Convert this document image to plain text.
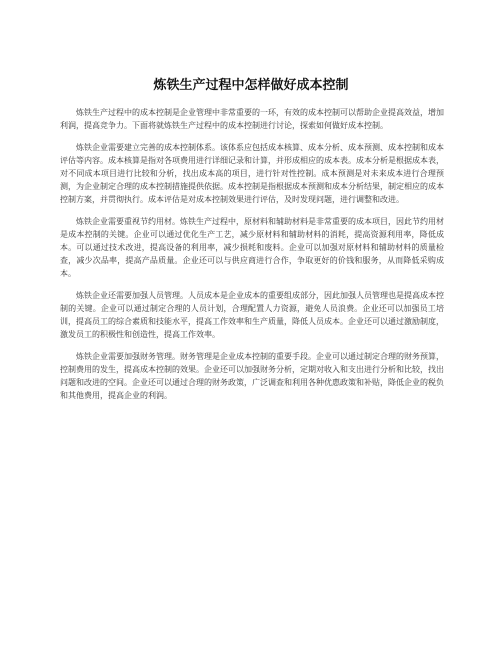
炼铁生产过程中怎样做好成本控制

炼铁生产过程中的成本控制是企业管理中非常重要的一环，有效的成本控制可以帮助企业提高效益，增加利润，提高竞争力。下面将就炼铁生产过程中的成本控制进行讨论，探索如何做好成本控制。

炼铁企业需要建立完善的成本控制体系。该体系应包括成本核算、成本分析、成本预测、成本控制和成本评估等内容。成本核算是指对各项费用进行详细记录和计算，并形成相应的成本表。成本分析是根据成本表，对不同成本项目进行比较和分析，找出成本高的项目，进行针对性控制。成本预测是对未来成本进行合理预测，为企业制定合理的成本控制措施提供依据。成本控制是指根据成本预测和成本分析结果，制定相应的成本控制方案，并贯彻执行。成本评估是对成本控制效果进行评估，及时发现问题，进行调整和改进。

炼铁企业需要重视节约用材。炼铁生产过程中，原材料和辅助材料是非常重要的成本项目，因此节约用材是成本控制的关键。企业可以通过优化生产工艺，减少原材料和辅助材料的消耗，提高资源利用率，降低成本。可以通过技术改进，提高设备的利用率，减少损耗和废料。企业可以加强对原材料和辅助材料的质量检查，减少次品率，提高产品质量。企业还可以与供应商进行合作，争取更好的价钱和服务，从而降低采购成本。

炼铁企业还需要加强人员管理。人员成本是企业成本的重要组成部分，因此加强人员管理也是提高成本控制的关键。企业可以通过制定合理的人员计划，合理配置人力资源，避免人员浪费。企业还可以加强员工培训，提高员工的综合素质和技能水平，提高工作效率和生产质量，降低人员成本。企业还可以通过激励制度，激发员工的积极性和创造性，提高工作效率。

炼铁企业需要加强财务管理。财务管理是企业成本控制的重要手段。企业可以通过制定合理的财务预算，控制费用的发生，提高成本控制的效果。企业还可以加强财务分析，定期对收入和支出进行分析和比较，找出问题和改进的空间。企业还可以通过合理的财务政策，广泛调查和利用各种优惠政策和补贴，降低企业的税负和其他费用，提高企业的利润。
